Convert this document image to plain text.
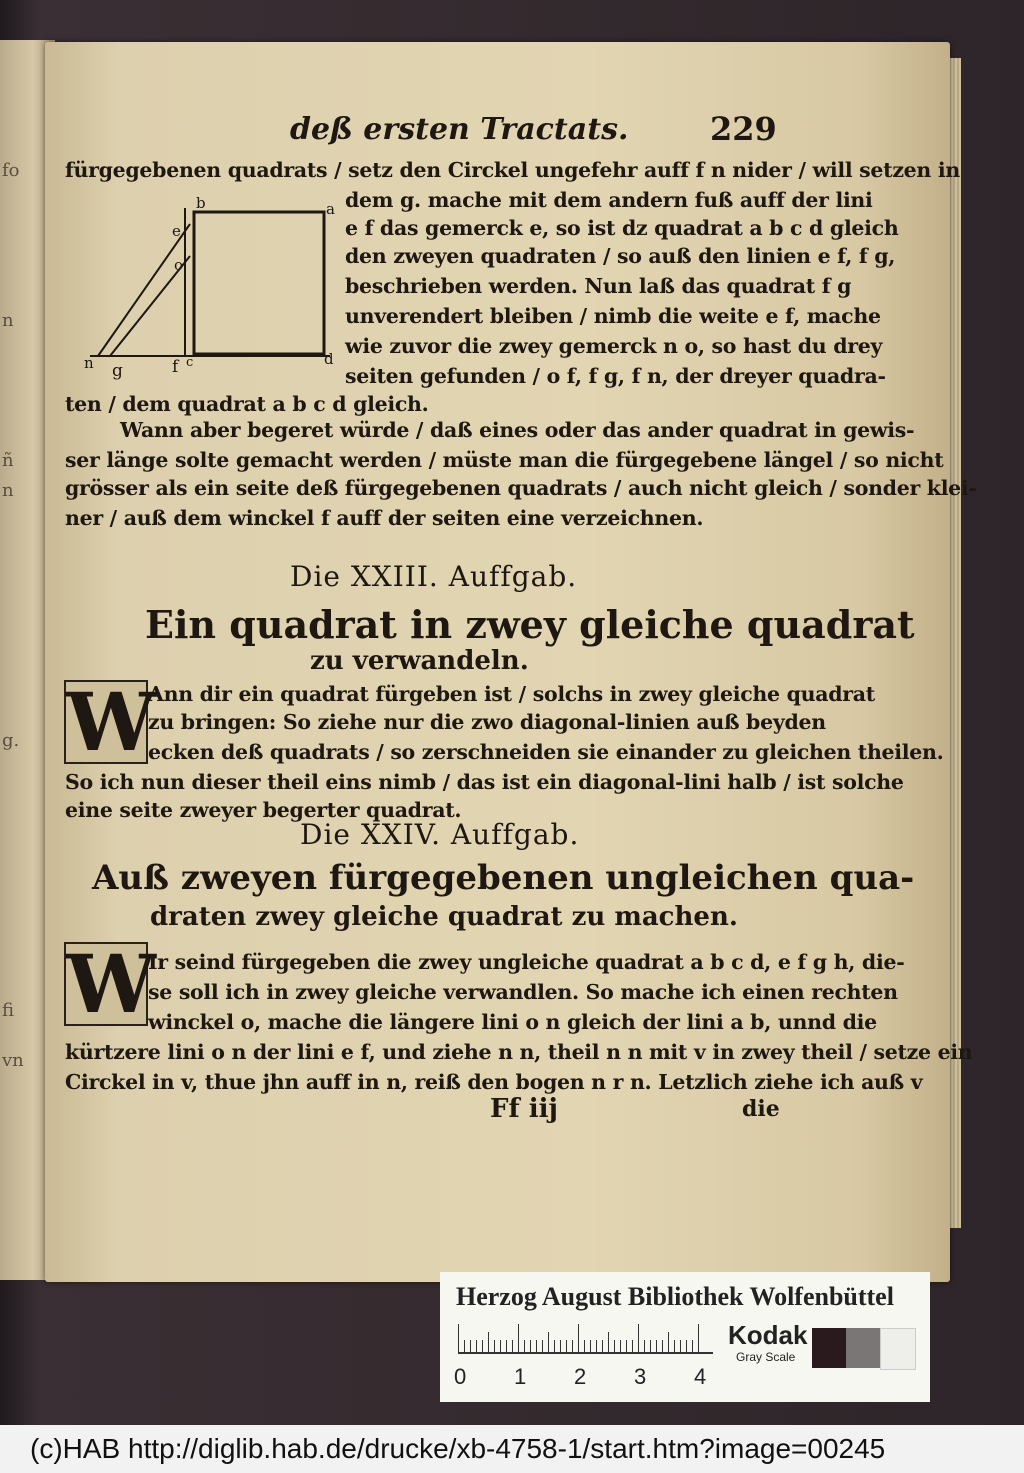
fo
n
ñ
n
g.
fi
vn
deß ersten Tractats.	229
fürgegebenen quadrats / setz den Circkel ungefehr auff f n nider / will setzen in
dem g. mache mit dem andern fuß auff der lini
e f das gemerck e, so ist dz quadrat a b c d gleich
den zweyen quadraten / so auß den linien e f, f g,
beschrieben werden. Nun laß das quadrat f g
unverendert bleiben / nimb die weite e f, mache
wie zuvor die zwey gemerck n o, so hast du drey
seiten gefunden / o f, f g, f n, der dreyer quadra-
ten / dem quadrat a b c d gleich.
Wann aber begeret würde / daß eines oder das ander quadrat in gewis-
ser länge solte gemacht werden / müste man die fürgegebene längel / so nicht
grösser als ein seite deß fürgegebenen quadrats / auch nicht gleich / sonder klei-
ner / auß dem winckel f auff der seiten eine verzeichnen.
b	a
e
o
n g	f c	d
Die XXIII. Auffgab.
Ein quadrat in zwey gleiche quadrat
zu verwandeln.
W
Ann dir ein quadrat fürgeben ist / solchs in zwey gleiche quadrat
zu bringen: So ziehe nur die zwo diagonal-linien auß beyden
ecken deß quadrats / so zerschneiden sie einander zu gleichen theilen.
So ich nun dieser theil eins nimb / das ist ein diagonal-lini halb / ist solche
eine seite zweyer begerter quadrat.
Die XXIV. Auffgab.
Auß zweyen fürgegebenen ungleichen qua-
draten zwey gleiche quadrat zu machen.
W
Ir seind fürgegeben die zwey ungleiche quadrat a b c d, e f g h, die-
se soll ich in zwey gleiche verwandlen. So mache ich einen rechten
winckel o, mache die längere lini o n gleich der lini a b, unnd die
kürtzere lini o n der lini e f, und ziehe n n, theil n n mit v in zwey theil / setze ein
Circkel in v, thue jhn auff in n, reiß den bogen n r n. Letzlich ziehe ich auß v
Ff iij	die
Herzog August Bibliothek Wolfenbüttel
0 1 2 3 4
Kodak
Gray Scale
(c)HAB http://diglib.hab.de/drucke/xb-4758-1/start.htm?image=00245
